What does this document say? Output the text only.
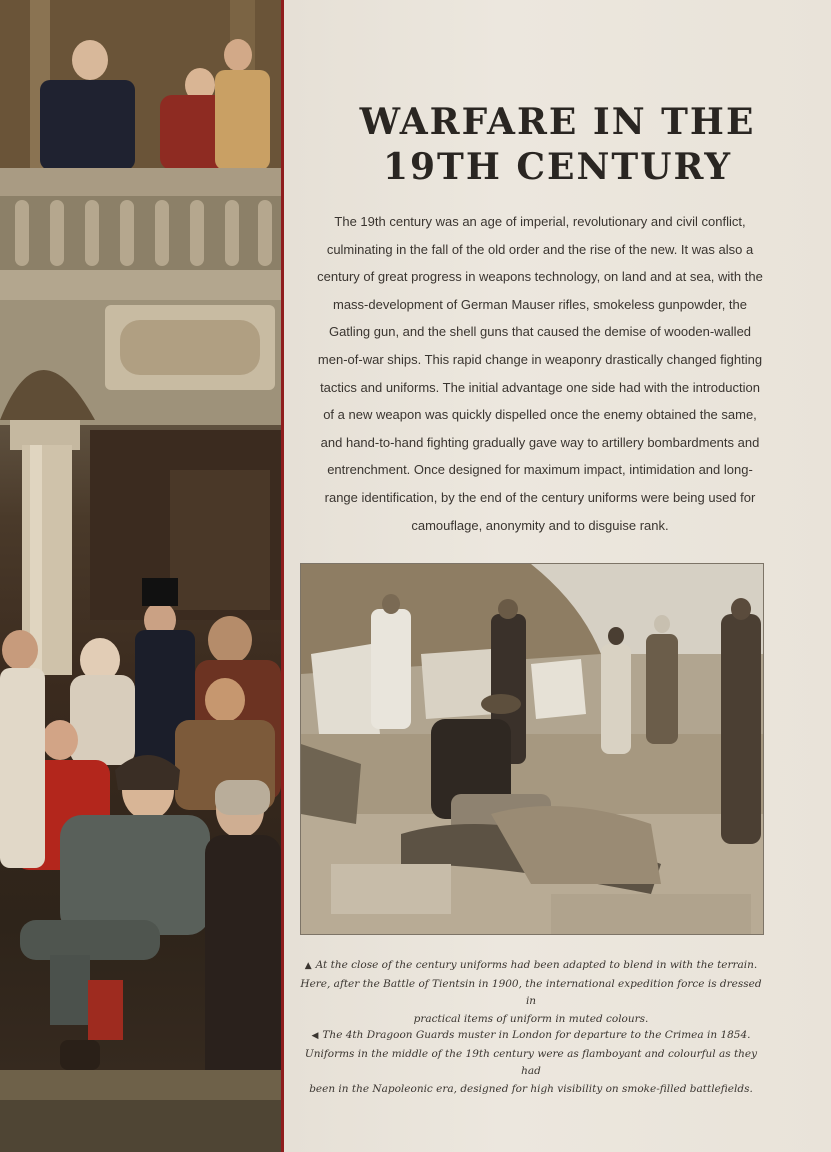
WARFARE IN THE
19TH CENTURY

The 19th century was an age of imperial, revolutionary and civil conflict,
culminating in the fall of the old order and the rise of the new. It was also a
century of great progress in weapons technology, on land and at sea, with the
mass-development of German Mauser rifles, smokeless gunpowder, the
Gatling gun, and the shell guns that caused the demise of wooden-walled
men-of-war ships. This rapid change in weaponry drastically changed fighting
tactics and uniforms. The initial advantage one side had with the introduction
of a new weapon was quickly dispelled once the enemy obtained the same,
and hand-to-hand fighting gradually gave way to artillery bombardments and
entrenchment. Once designed for maximum impact, intimidation and long-
range identification, by the end of the century uniforms were being used for
camouflage, anonymity and to disguise rank.

▲ At the close of the century uniforms had been adapted to blend in with the terrain.
Here, after the Battle of Tientsin in 1900, the international expedition force is dressed in
practical items of uniform in muted colours.

◀ The 4th Dragoon Guards muster in London for departure to the Crimea in 1854.
Uniforms in the middle of the 19th century were as flamboyant and colourful as they had
been in the Napoleonic era, designed for high visibility on smoke-filled battlefields.
